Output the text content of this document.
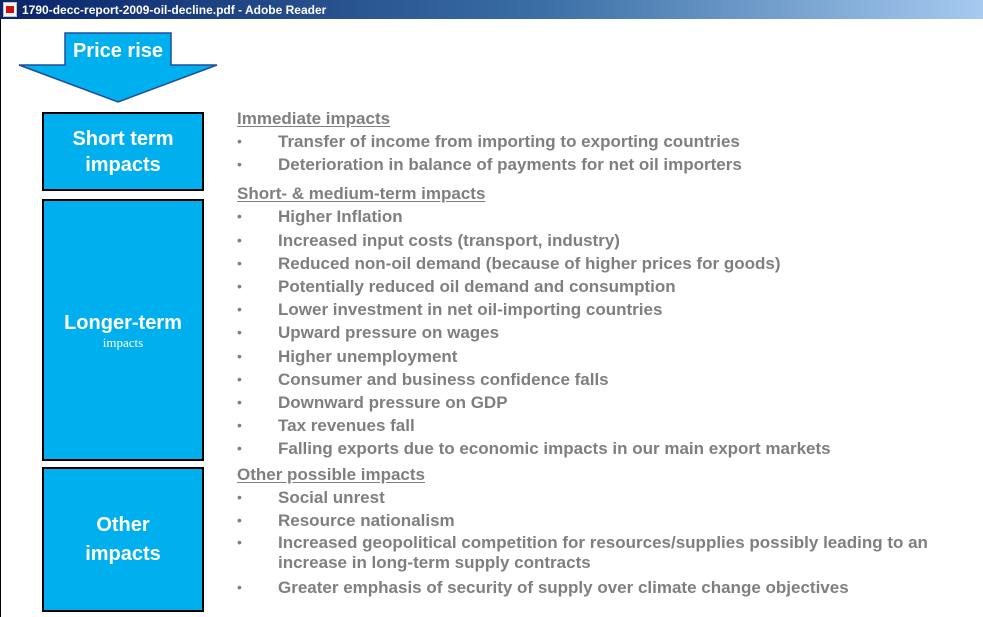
1790-decc-report-2009-oil-decline.pdf - Adobe Reader
Price rise
Short term
impacts
Longer-term
impacts
Other
impacts
Immediate impacts
• Transfer of income from importing to exporting countries
• Deterioration in balance of payments for net oil importers
Short- & medium-term impacts
• Higher Inflation
• Increased input costs (transport, industry)
• Reduced non-oil demand (because of higher prices for goods)
• Potentially reduced oil demand and consumption
• Lower investment in net oil-importing countries
• Upward pressure on wages
• Higher unemployment
• Consumer and business confidence falls
• Downward pressure on GDP
• Tax revenues fall
• Falling exports due to economic impacts in our main export markets
Other possible impacts
• Social unrest
• Resource nationalism
• Increased geopolitical competition for resources/supplies possibly leading to an increase in long-term supply contracts
• Greater emphasis of security of supply over climate change objectives
